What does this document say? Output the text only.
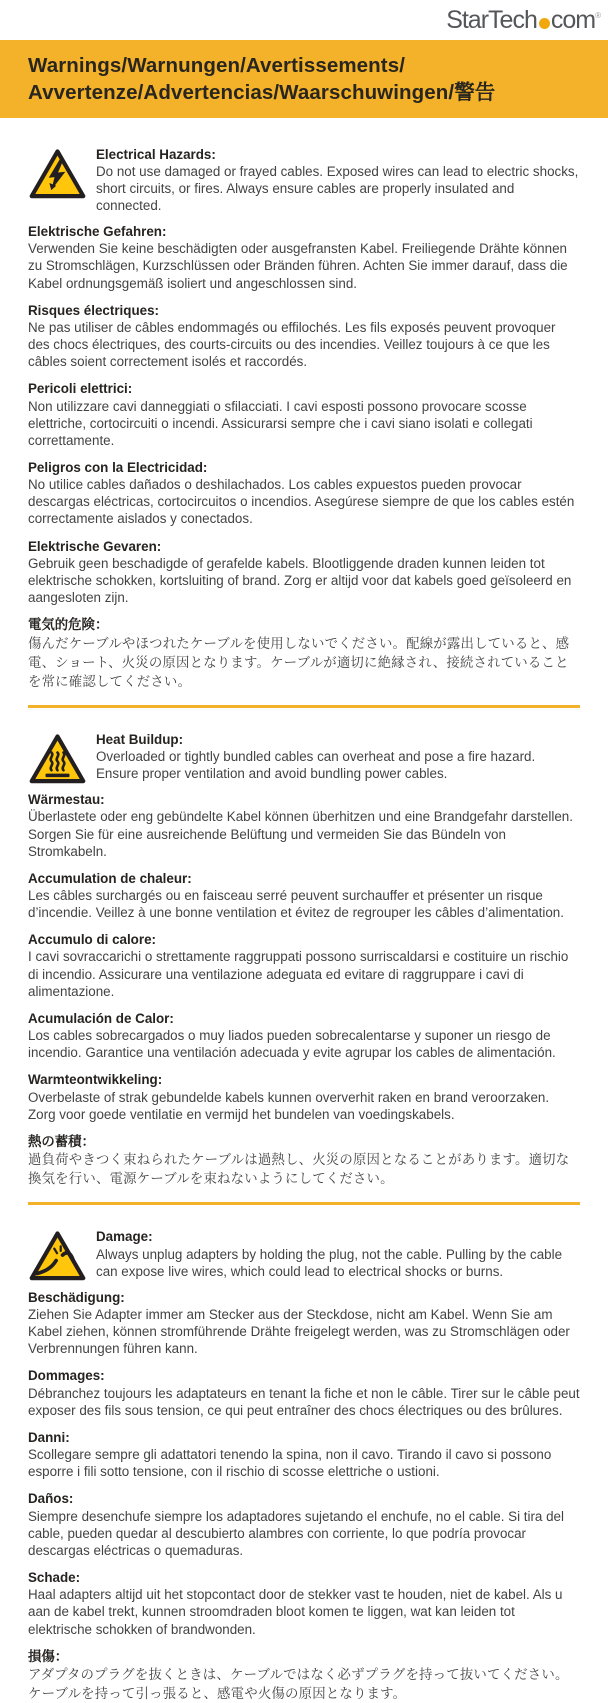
StarTech com®
Warnings/Warnungen/Avertissements/
Avvertenze/Advertencias/Waarschuwingen/警告
Electrical Hazards:
Do not use damaged or frayed cables. Exposed wires can lead to electric shocks, short circuits, or fires. Always ensure cables are properly insulated and connected.
Elektrische Gefahren:
Verwenden Sie keine beschädigten oder ausgefransten Kabel. Freiliegende Drähte können zu Stromschlägen, Kurzschlüssen oder Bränden führen. Achten Sie immer darauf, dass die Kabel ordnungsgemäß isoliert und angeschlossen sind.
Risques électriques:
Ne pas utiliser de câbles endommagés ou effilochés. Les fils exposés peuvent provoquer des chocs électriques, des courts-circuits ou des incendies. Veillez toujours à ce que les câbles soient correctement isolés et raccordés.
Pericoli elettrici:
Non utilizzare cavi danneggiati o sfilacciati. I cavi esposti possono provocare scosse elettriche, cortocircuiti o incendi. Assicurarsi sempre che i cavi siano isolati e collegati correttamente.
Peligros con la Electricidad:
No utilice cables dañados o deshilachados. Los cables expuestos pueden provocar descargas eléctricas, cortocircuitos o incendios. Asegúrese siempre de que los cables estén correctamente aislados y conectados.
Elektrische Gevaren:
Gebruik geen beschadigde of gerafelde kabels. Blootliggende draden kunnen leiden tot elektrische schokken, kortsluiting of brand. Zorg er altijd voor dat kabels goed geïsoleerd en aangesloten zijn.
電気的危険：
傷んだケーブルやほつれたケーブルを使用しないでください。配線が露出していると、感電、ショート、火災の原因となります。ケーブルが適切に絶縁され、接続されていることを常に確認してください。
Heat Buildup:
Overloaded or tightly bundled cables can overheat and pose a fire hazard. Ensure proper ventilation and avoid bundling power cables.
Wärmestau:
Überlastete oder eng gebündelte Kabel können überhitzen und eine Brandgefahr darstellen. Sorgen Sie für eine ausreichende Belüftung und vermeiden Sie das Bündeln von Stromkabeln.
Accumulation de chaleur:
Les câbles surchargés ou en faisceau serré peuvent surchauffer et présenter un risque d’incendie. Veillez à une bonne ventilation et évitez de regrouper les câbles d’alimentation.
Accumulo di calore:
I cavi sovraccarichi o strettamente raggruppati possono surriscaldarsi e costituire un rischio di incendio. Assicurare una ventilazione adeguata ed evitare di raggruppare i cavi di alimentazione.
Acumulación de Calor:
Los cables sobrecargados o muy liados pueden sobrecalentarse y suponer un riesgo de incendio. Garantice una ventilación adecuada y evite agrupar los cables de alimentación.
Warmteontwikkeling:
Overbelaste of strak gebundelde kabels kunnen oververhit raken en brand veroorzaken. Zorg voor goede ventilatie en vermijd het bundelen van voedingskabels.
熱の蓄積：
過負荷やきつく束ねられたケーブルは過熱し、火災の原因となることがあります。適切な換気を行い、電源ケーブルを束ねないようにしてください。
Damage:
Always unplug adapters by holding the plug, not the cable. Pulling by the cable can expose live wires, which could lead to electrical shocks or burns.
Beschädigung:
Ziehen Sie Adapter immer am Stecker aus der Steckdose, nicht am Kabel. Wenn Sie am Kabel ziehen, können stromführende Drähte freigelegt werden, was zu Stromschlägen oder Verbrennungen führen kann.
Dommages:
Débranchez toujours les adaptateurs en tenant la fiche et non le câble. Tirer sur le câble peut exposer des fils sous tension, ce qui peut entraîner des chocs électriques ou des brûlures.
Danni:
Scollegare sempre gli adattatori tenendo la spina, non il cavo. Tirando il cavo si possono esporre i fili sotto tensione, con il rischio di scosse elettriche o ustioni.
Daños:
Siempre desenchufe siempre los adaptadores sujetando el enchufe, no el cable. Si tira del cable, pueden quedar al descubierto alambres con corriente, lo que podría provocar descargas eléctricas o quemaduras.
Schade:
Haal adapters altijd uit het stopcontact door de stekker vast te houden, niet de kabel. Als u aan de kabel trekt, kunnen stroomdraden bloot komen te liggen, wat kan leiden tot elektrische schokken of brandwonden.
損傷：
アダプタのプラグを抜くときは、ケーブルではなく必ずプラグを持って抜いてください。ケーブルを持って引っ張ると、感電や火傷の原因となります。
